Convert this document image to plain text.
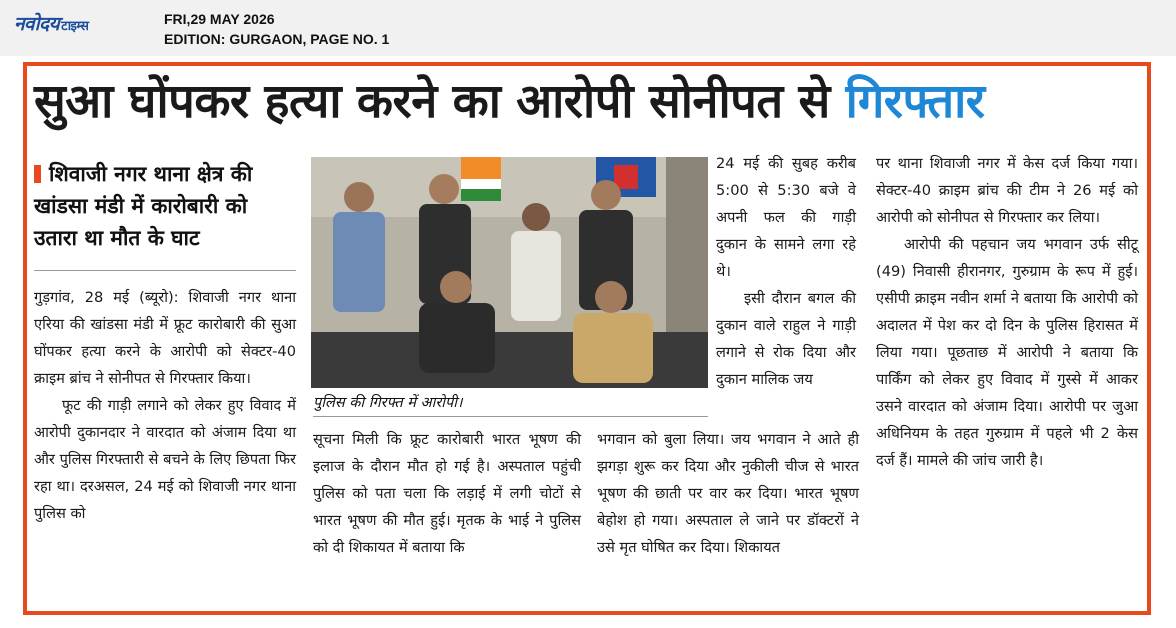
नवोदय टाइम्स	FRI,29 MAY 2026
EDITION: GURGAON, PAGE NO. 1
सुआ घोंपकर हत्या करने का आरोपी सोनीपत से गिरफ्तार
शिवाजी नगर थाना क्षेत्र की खांडसा मंडी में कारोबारी को उतारा था मौत के घाट

गुड़गांव, 28 मई (ब्यूरो): शिवाजी नगर थाना एरिया की खांडसा मंडी में फ्रूट कारोबारी की सुआ घोंपकर हत्या करने के आरोपी को सेक्टर-40 क्राइम ब्रांच ने सोनीपत से गिरफ्तार किया।

फूट की गाड़ी लगाने को लेकर हुए विवाद में आरोपी दुकानदार ने वारदात को अंजाम दिया था और पुलिस गिरफ्तारी से बचने के लिए छिपता फिर रहा था। दरअसल, 24 मई को शिवाजी नगर थाना पुलिस को

पुलिस की गिरफ्त में आरोपी।

सूचना मिली कि फ्रूट कारोबारी भारत भूषण की इलाज के दौरान मौत हो गई है। अस्पताल पहुंची पुलिस को पता चला कि लड़ाई में लगी चोटों से भारत भूषण की मौत हुई। मृतक के भाई ने पुलिस को दी शिकायत में बताया कि

24 मई की सुबह करीब 5:00 से 5:30 बजे वे अपनी फल की गाड़ी दुकान के सामने लगा रहे थे।

इसी दौरान बगल की दुकान वाले राहुल ने गाड़ी लगाने से रोक दिया और दुकान मालिक जय

भगवान को बुला लिया। जय भगवान ने आते ही झगड़ा शुरू कर दिया और नुकीली चीज से भारत भूषण की छाती पर वार कर दिया। भारत भूषण बेहोश हो गया। अस्पताल ले जाने पर डॉक्टरों ने उसे मृत घोषित कर दिया। शिकायत

पर थाना शिवाजी नगर में केस दर्ज किया गया। सेक्टर-40 क्राइम ब्रांच की टीम ने 26 मई को आरोपी को सोनीपत से गिरफ्तार कर लिया।

आरोपी की पहचान जय भगवान उर्फ सीटू (49) निवासी हीरानगर, गुरुग्राम के रूप में हुई। एसीपी क्राइम नवीन शर्मा ने बताया कि आरोपी को अदालत में पेश कर दो दिन के पुलिस हिरासत में लिया गया। पूछताछ में आरोपी ने बताया कि पार्किंग को लेकर हुए विवाद में गुस्से में आकर उसने वारदात को अंजाम दिया। आरोपी पर जुआ अधिनियम के तहत गुरुग्राम में पहले भी 2 केस दर्ज हैं। मामले की जांच जारी है।
